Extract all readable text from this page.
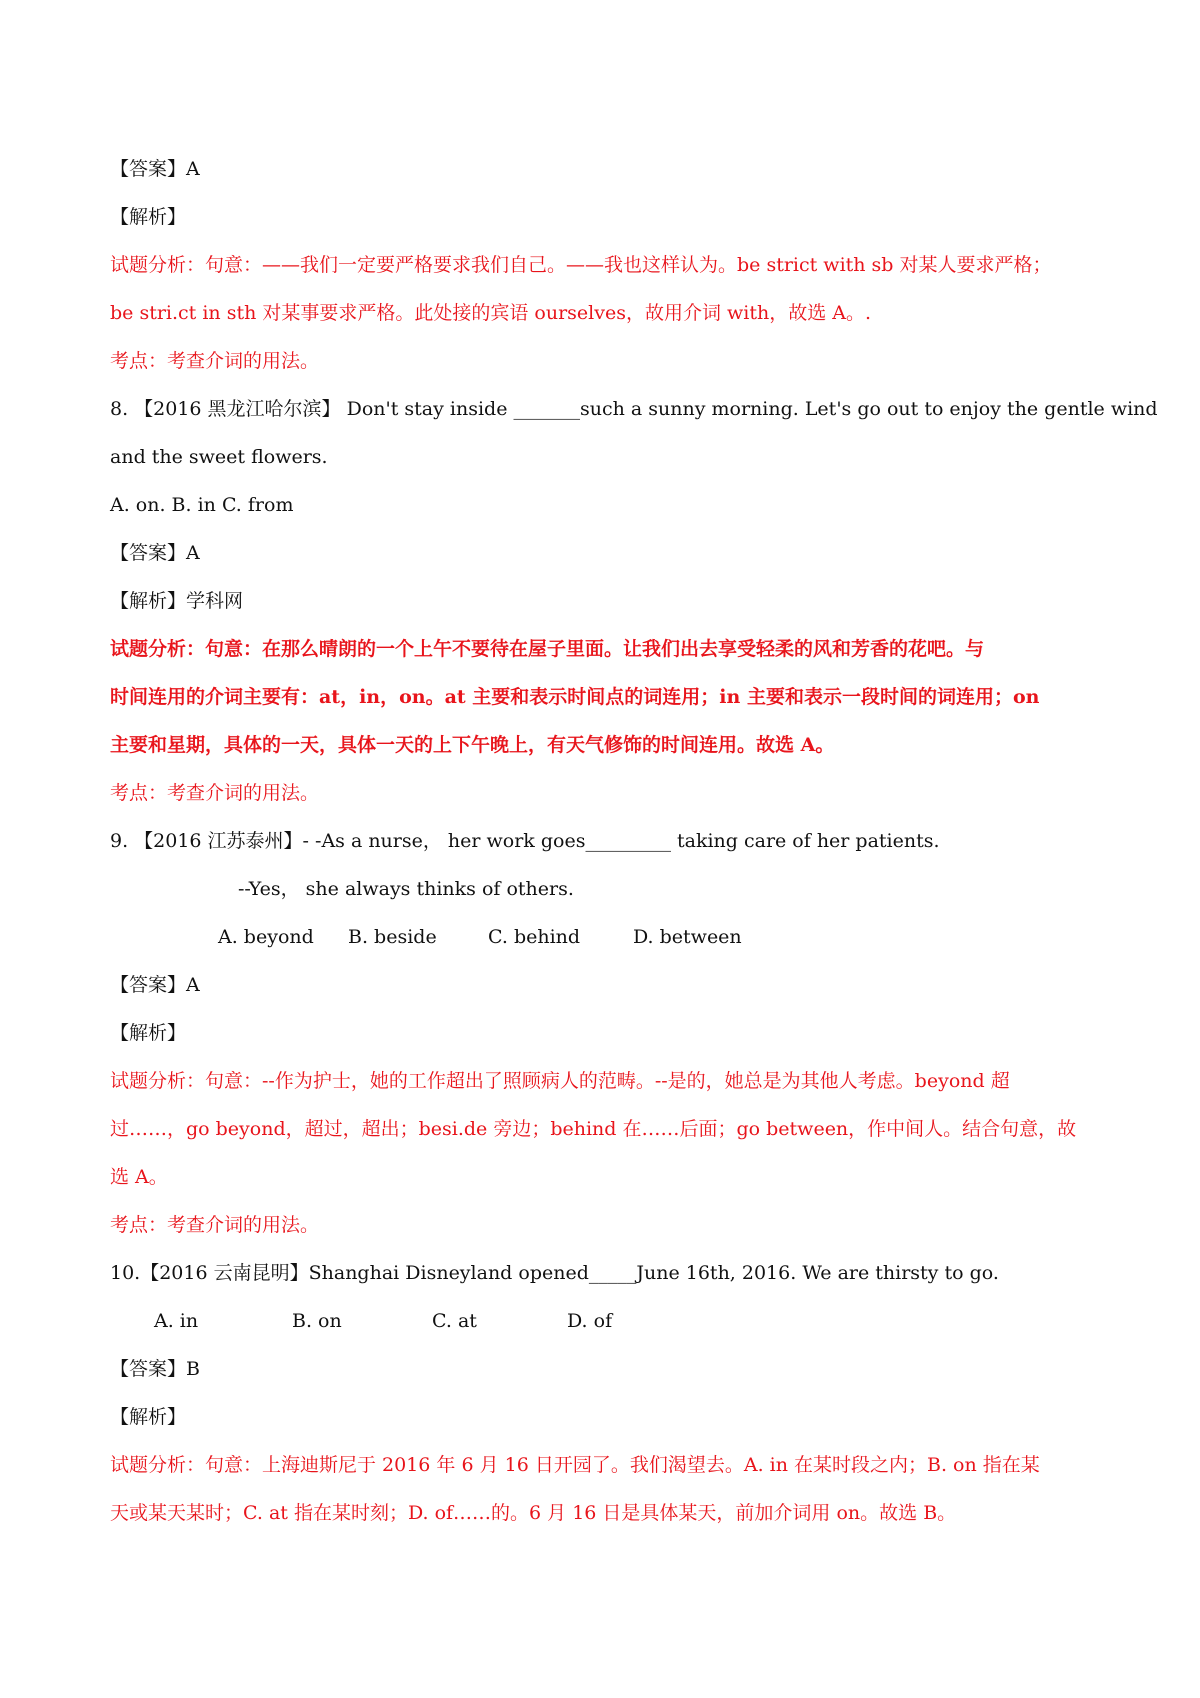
【答案】A
【解析】
试题分析：句意：——我们一定要严格要求我们自己。——我也这样认为。be strict with sb 对某人要求严格；
be stri.ct in sth 对某事要求严格。此处接的宾语 ourselves，故用介词 with，故选 A。.
考点：考查介词的用法。
8. 【2016 黑龙江哈尔滨】 Don't stay inside _______such a sunny morning. Let's go out to enjoy the gentle wind
and the sweet flowers.
A. on. B. in C. from
【答案】A
【解析】学科网
试题分析：句意：在那么晴朗的一个上午不要待在屋子里面。让我们出去享受轻柔的风和芳香的花吧。与
时间连用的介词主要有：at，in，on。at 主要和表示时间点的词连用；in 主要和表示一段时间的词连用；on
主要和星期，具体的一天，具体一天的上下午晚上，有天气修饰的时间连用。故选 A。
考点：考查介词的用法。
9. 【2016 江苏泰州】- -As a nurse， her work goes_________ taking care of her patients.
--Yes， she always thinks of others.
A. beyond B. beside	C. behind	D. between
【答案】A
【解析】
试题分析：句意：--作为护士，她的工作超出了照顾病人的范畴。--是的，她总是为其他人考虑。beyond 超
过……，go beyond，超过，超出；besi.de 旁边；behind 在……后面；go between，作中间人。结合句意，故
选 A。
考点：考查介词的用法。
10.【2016 云南昆明】Shanghai Disneyland opened_____June 16th, 2016. We are thirsty to go.
A. in	B. on	C. at	D. of
【答案】B
【解析】
试题分析：句意：上海迪斯尼于 2016 年 6 月 16 日开园了。我们渴望去。A. in 在某时段之内；B. on 指在某
天或某天某时；C. at 指在某时刻；D. of……的。6 月 16 日是具体某天，前加介词用 on。故选 B。
